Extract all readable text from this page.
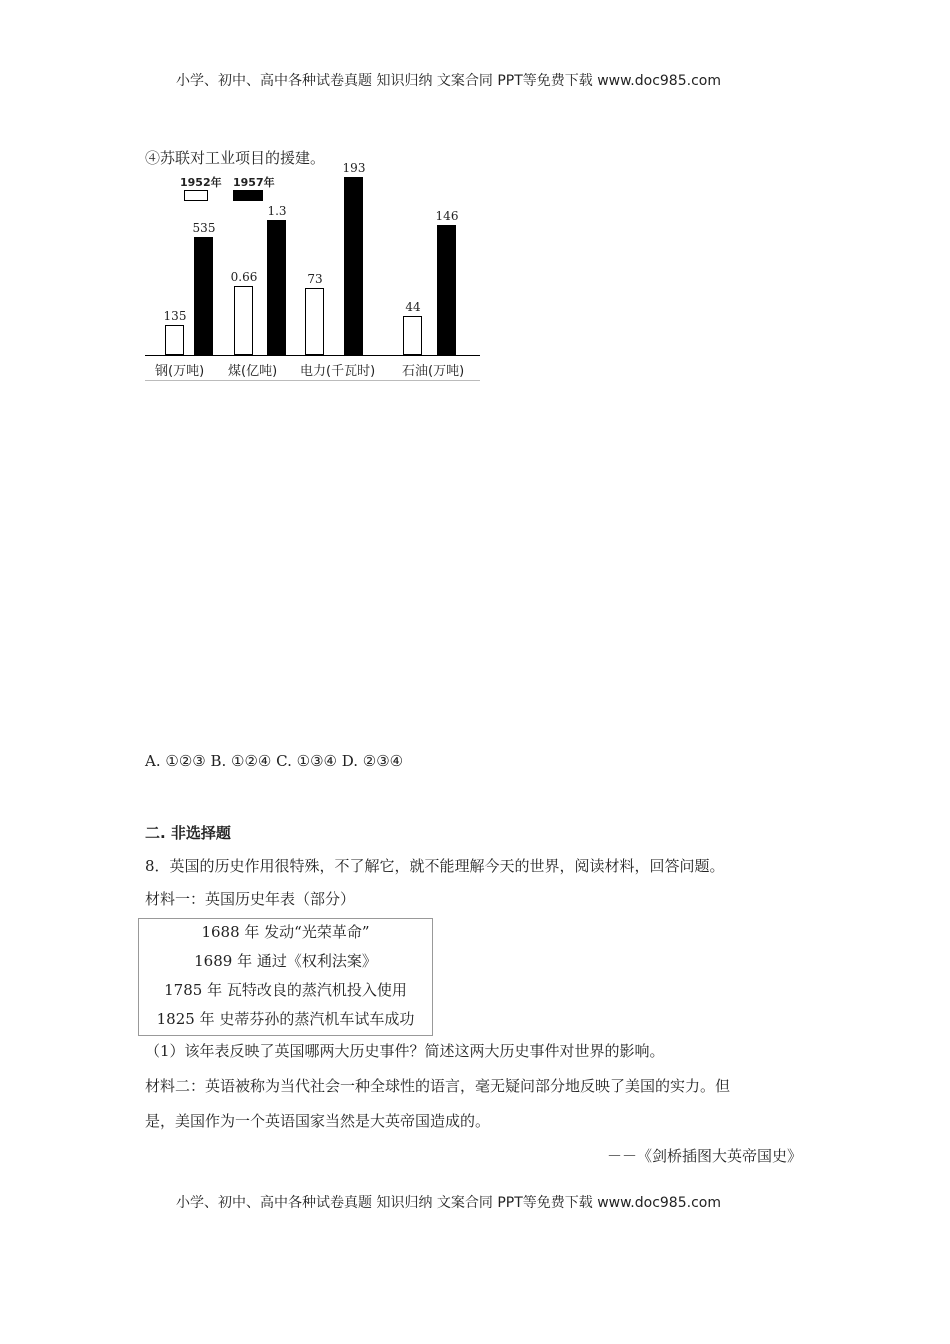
小学、初中、高中各种试卷真题 知识归纳 文案合同 PPT等免费下载 www.doc985.com
④苏联对工业项目的援建。
1952年 1957年
135
0.66	73
44
535
1.3
193
146
钢(万吨) 煤(亿吨) 电力(千瓦时) 石油(万吨)
A. ①②③ B. ①②④ C. ①③④ D. ②③④
二. 非选择题
8．英国的历史作用很特殊，不了解它，就不能理解今天的世界，阅读材料，回答问题。
材料一：英国历史年表（部分）
1688 年 发动“光荣革命”
1689 年 通过《权利法案》
1785 年 瓦特改良的蒸汽机投入使用
1825 年 史蒂芬孙的蒸汽机车试车成功
（1）该年表反映了英国哪两大历史事件？简述这两大历史事件对世界的影响。
材料二：英语被称为当代社会一种全球性的语言，毫无疑问部分地反映了美国的实力。但
是，美国作为一个英语国家当然是大英帝国造成的。
－－《剑桥插图大英帝国史》
小学、初中、高中各种试卷真题 知识归纳 文案合同 PPT等免费下载 www.doc985.com
